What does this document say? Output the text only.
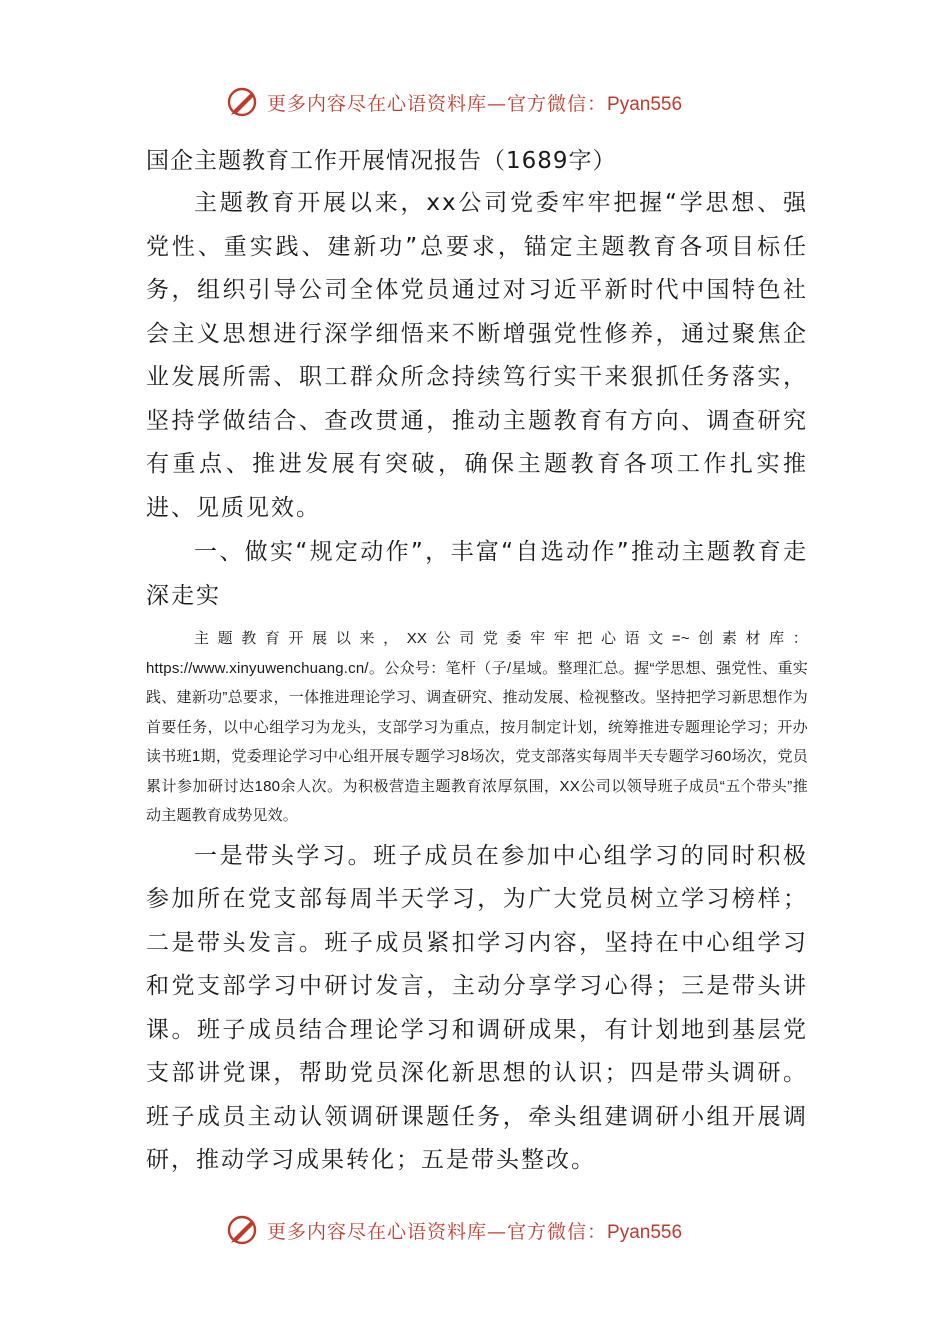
更多内容尽在心语资料库—官方微信：Pyan556
国企主题教育工作开展情况报告（1689字）

主题教育开展以来，xx公司党委牢牢把握“学思想、强党性、重实践、建新功”总要求，锚定主题教育各项目标任务，组织引导公司全体党员通过对习近平新时代中国特色社会主义思想进行深学细悟来不断增强党性修养，通过聚焦企业发展所需、职工群众所念持续笃行实干来狠抓任务落实，坚持学做结合、查改贯通，推动主题教育有方向、调查研究有重点、推进发展有突破，确保主题教育各项工作扎实推进、见质见效。

一、做实“规定动作”，丰富“自选动作”推动主题教育走深走实

主题教育开展以来，XX公司党委牢牢把心语文=~创素材库：https://www.xinyuwenchuang.cn/。公众号：笔杆（子/星域。整理汇总。握“学思想、强党性、重实践、建新功”总要求，一体推进理论学习、调查研究、推动发展、检视整改。坚持把学习新思想作为首要任务，以中心组学习为龙头，支部学习为重点，按月制定计划，统筹推进专题理论学习；开办读书班1期，党委理论学习中心组开展专题学习8场次，党支部落实每周半天专题学习60场次，党员累计参加研讨达180余人次。为积极营造主题教育浓厚氛围，XX公司以领导班子成员“五个带头”推动主题教育成势见效。

一是带头学习。班子成员在参加中心组学习的同时积极参加所在党支部每周半天学习，为广大党员树立学习榜样；二是带头发言。班子成员紧扣学习内容，坚持在中心组学习和党支部学习中研讨发言，主动分享学习心得；三是带头讲课。班子成员结合理论学习和调研成果，有计划地到基层党支部讲党课，帮助党员深化新思想的认识；四是带头调研。班子成员主动认领调研课题任务，牵头组建调研小组开展调研，推动学习成果转化；五是带头整改。

更多内容尽在心语资料库—官方微信：Pyan556
